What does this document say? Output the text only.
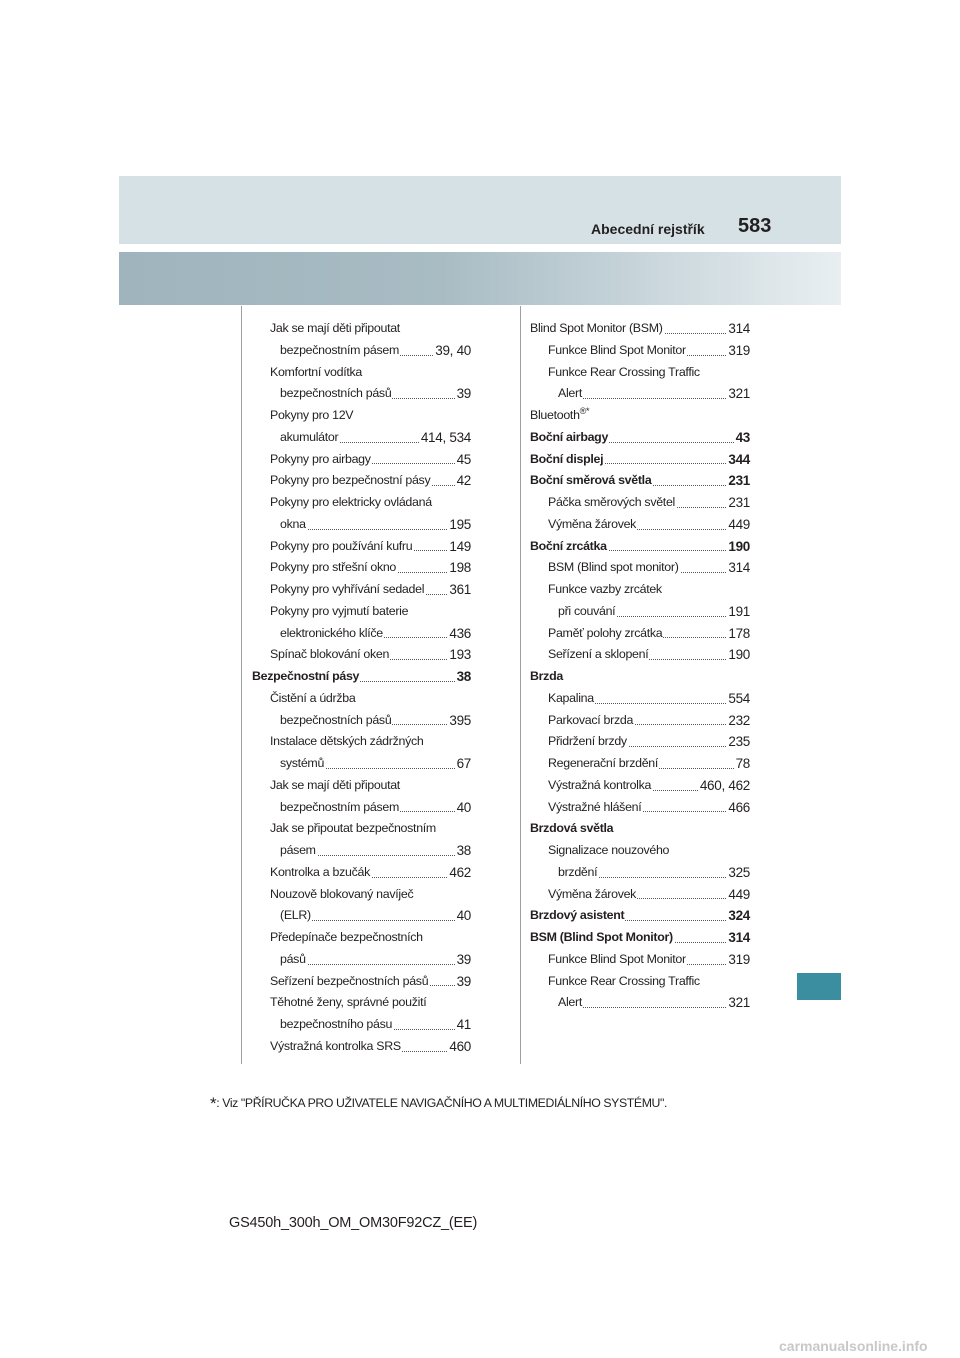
Abecední rejstřík 583
Jak se mají děti připoutat
bezpečnostním pásem	39, 40
Komfortní vodítka
bezpečnostních pásů	39
Pokyny pro 12V
akumulátor	414, 534
Pokyny pro airbagy	45
Pokyny pro bezpečnostní pásy 42
Pokyny pro elektricky ovládaná
okna	195
Pokyny pro používání kufru	149
Pokyny pro střešní okno	198
Pokyny pro vyhřívání sedadel 361
Pokyny pro vyjmutí baterie
elektronického klíče	436
Spínač blokování oken	193
Bezpečnostní pásy	38
Čistění a údržba
bezpečnostních pásů	395
Instalace dětských zádržných
systémů	67
Jak se mají děti připoutat
bezpečnostním pásem	40
Jak se připoutat bezpečnostním
pásem	38
Kontrolka a bzučák	462
Nouzově blokovaný navíječ
(ELR)	40
Předepínače bezpečnostních
pásů	39
Seřízení bezpečnostních pásů 39
Těhotné ženy, správné použití
bezpečnostního pásu	41
Výstražná kontrolka SRS	460
Blind Spot Monitor (BSM)	314
Funkce Blind Spot Monitor	319
Funkce Rear Crossing Traffic
Alert	321
Bluetooth®*
Boční airbagy	43
Boční displej	344
Boční směrová světla	231
Páčka směrových světel	231
Výměna žárovek	449
Boční zrcátka	190
BSM (Blind spot monitor)	314
Funkce vazby zrcátek
při couvání	191
Paměť polohy zrcátka	178
Seřízení a sklopení	190
Brzda
Kapalina	554
Parkovací brzda	232
Přidržení brzdy	235
Regenerační brzdění	78
Výstražná kontrolka	460, 462
Výstražné hlášení	466
Brzdová světla
Signalizace nouzového
brzdění	325
Výměna žárovek	449
Brzdový asistent	324
BSM (Blind Spot Monitor)	314
Funkce Blind Spot Monitor	319
Funkce Rear Crossing Traffic
Alert	321
*: Viz "PŘÍRUČKA PRO UŽIVATELE NAVIGAČNÍHO A MULTIMEDIÁLNÍHO SYSTÉMU".
GS450h_300h_OM_OM30F92CZ_(EE)
carmanualsonline.info
